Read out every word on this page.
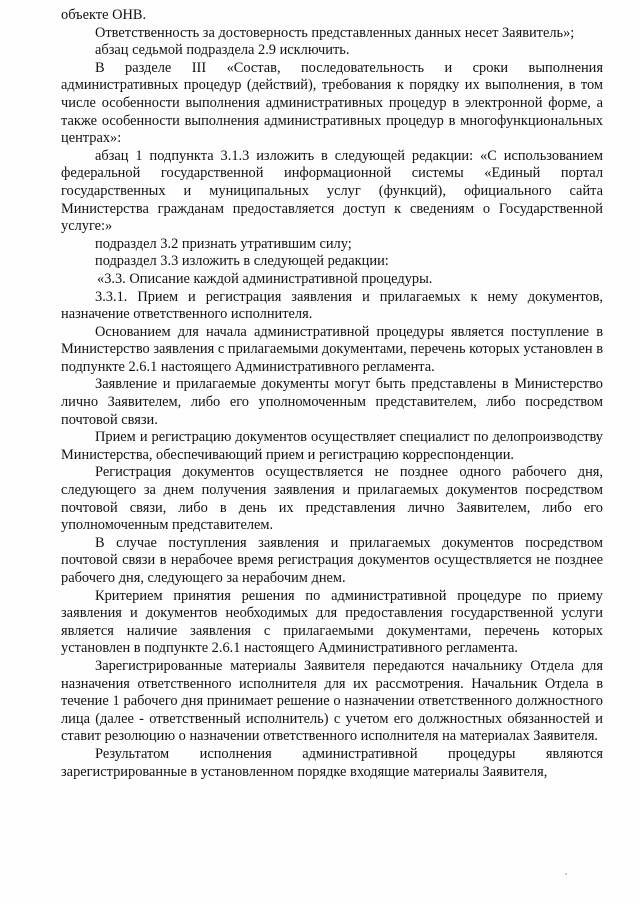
объекте ОНВ.

Ответственность за достоверность представленных данных несет Заявитель»;

абзац седьмой подраздела 2.9 исключить.

В разделе III «Состав, последовательность и сроки выполнения административных процедур (действий), требования к порядку их выполнения, в том числе особенности выполнения административных процедур в электронной форме, а также особенности выполнения административных процедур в многофункциональных центрах»:

абзац 1 подпункта 3.1.3 изложить в следующей редакции: «С использованием федеральной государственной информационной системы «Единый портал государственных и муниципальных услуг (функций), официального сайта Министерства гражданам предоставляется доступ к сведениям о Государственной услуге:»

подраздел 3.2 признать утратившим силу;

подраздел 3.3 изложить в следующей редакции:

«3.3. Описание каждой административной процедуры.

3.3.1. Прием и регистрация заявления и прилагаемых к нему документов, назначение ответственного исполнителя.

Основанием для начала административной процедуры является поступление в Министерство заявления с прилагаемыми документами, перечень которых установлен в подпункте 2.6.1 настоящего Административного регламента.

Заявление и прилагаемые документы могут быть представлены в Министерство лично Заявителем, либо его уполномоченным представителем, либо посредством почтовой связи.

Прием и регистрацию документов осуществляет специалист по делопроизводству Министерства, обеспечивающий прием и регистрацию корреспонденции.

Регистрация документов осуществляется не позднее одного рабочего дня, следующего за днем получения заявления и прилагаемых документов посредством почтовой связи, либо в день их представления лично Заявителем, либо его уполномоченным представителем.

В случае поступления заявления и прилагаемых документов посредством почтовой связи в нерабочее время регистрация документов осуществляется не позднее рабочего дня, следующего за нерабочим днем.

Критерием принятия решения по административной процедуре по приему заявления и документов необходимых для предоставления государственной услуги является наличие заявления с прилагаемыми документами, перечень которых установлен в подпункте 2.6.1 настоящего Административного регламента.

Зарегистрированные материалы Заявителя передаются начальнику Отдела для назначения ответственного исполнителя для их рассмотрения. Начальник Отдела в течение 1 рабочего дня принимает решение о назначении ответственного должностного лица (далее - ответственный исполнитель) с учетом его должностных обязанностей и ставит резолюцию о назначении ответственного исполнителя на материалах Заявителя.

Результатом исполнения административной процедуры являются зарегистрированные в установленном порядке входящие материалы Заявителя,
